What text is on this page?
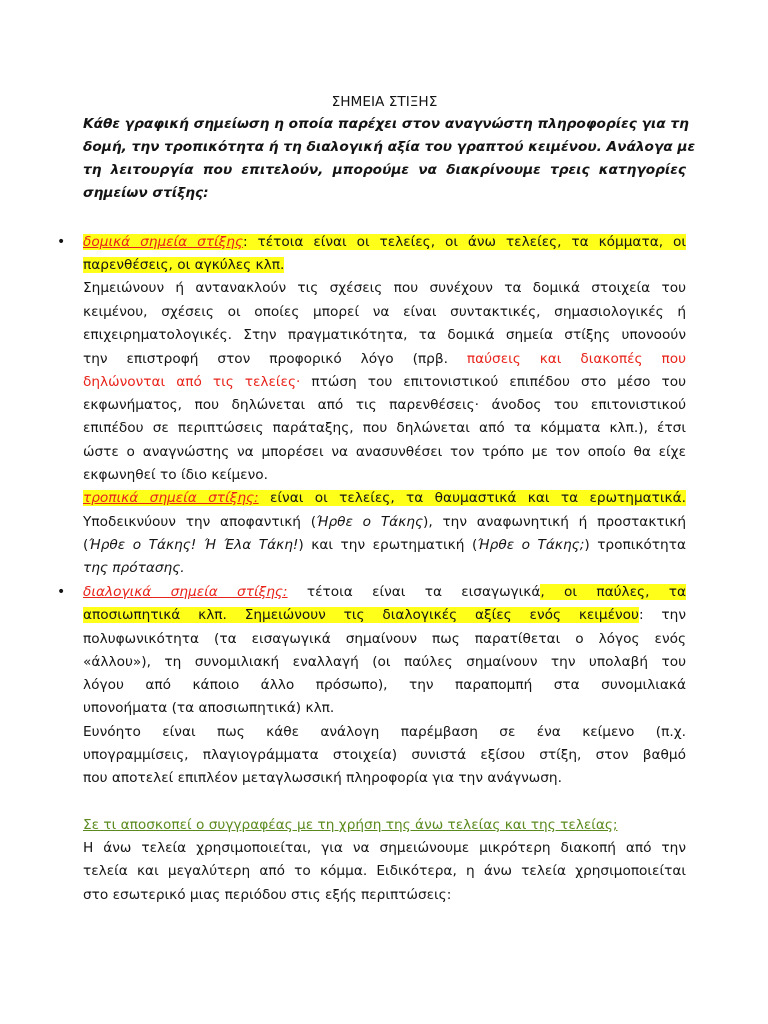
ΣΗΜΕΙΑ ΣΤΙΞΗΣ
Κάθε γραφική σημείωση η οποία παρέχει στον αναγνώστη πληροφορίες για τη
δομή, την τροπικότητα ή τη διαλογική αξία του γραπτού κειμένου. Ανάλογα με
τη λειτουργία που επιτελούν, μπορούμε να διακρίνουμε τρεις κατηγορίες
σημείων στίξης:
• δομικά σημεία στίξης: τέτοια είναι οι τελείες, οι άνω τελείες, τα κόμματα, οι
παρενθέσεις, οι αγκύλες κλπ.
Σημειώνουν ή αντανακλούν τις σχέσεις που συνέχουν τα δομικά στοιχεία του
κειμένου, σχέσεις οι οποίες μπορεί να είναι συντακτικές, σημασιολογικές ή
επιχειρηματολογικές. Στην πραγματικότητα, τα δομικά σημεία στίξης υπονοούν
την επιστροφή στον προφορικό λόγο (πρβ. παύσεις και διακοπές που
δηλώνονται από τις τελείες· πτώση του επιτονιστικού επιπέδου στο μέσο του
εκφωνήματος, που δηλώνεται από τις παρενθέσεις· άνοδος του επιτονιστικού
επιπέδου σε περιπτώσεις παράταξης, που δηλώνεται από τα κόμματα κλπ.), έτσι
ώστε ο αναγνώστης να μπορέσει να ανασυνθέσει τον τρόπο με τον οποίο θα είχε
εκφωνηθεί το ίδιο κείμενο.
τροπικά σημεία στίξης: είναι οι τελείες, τα θαυμαστικά και τα ερωτηματικά.
Υποδεικνύουν την αποφαντική (Ήρθε ο Τάκης), την αναφωνητική ή προστακτική
(Ήρθε ο Τάκης! Ή Έλα Τάκη!) και την ερωτηματική (Ήρθε ο Τάκης;) τροπικότητα
της πρότασης.
• διαλογικά σημεία στίξης: τέτοια είναι τα εισαγωγικά, οι παύλες, τα
αποσιωπητικά κλπ. Σημειώνουν τις διαλογικές αξίες ενός κειμένου: την
πολυφωνικότητα (τα εισαγωγικά σημαίνουν πως παρατίθεται ο λόγος ενός
«άλλου»), τη συνομιλιακή εναλλαγή (οι παύλες σημαίνουν την υπολαβή του
λόγου από κάποιο άλλο πρόσωπο), την παραπομπή στα συνομιλιακά
υπονοήματα (τα αποσιωπητικά) κλπ.
Ευνόητο είναι πως κάθε ανάλογη παρέμβαση σε ένα κείμενο (π.χ.
υπογραμμίσεις, πλαγιογράμματα στοιχεία) συνιστά εξίσου στίξη, στον βαθμό
που αποτελεί επιπλέον μεταγλωσσική πληροφορία για την ανάγνωση.
Σε τι αποσκοπεί ο συγγραφέας με τη χρήση της άνω τελείας και της τελείας;
Η άνω τελεία χρησιμοποιείται, για να σημειώνουμε μικρότερη διακοπή από την
τελεία και μεγαλύτερη από το κόμμα. Ειδικότερα, η άνω τελεία χρησιμοποιείται
στο εσωτερικό μιας περιόδου στις εξής περιπτώσεις:
